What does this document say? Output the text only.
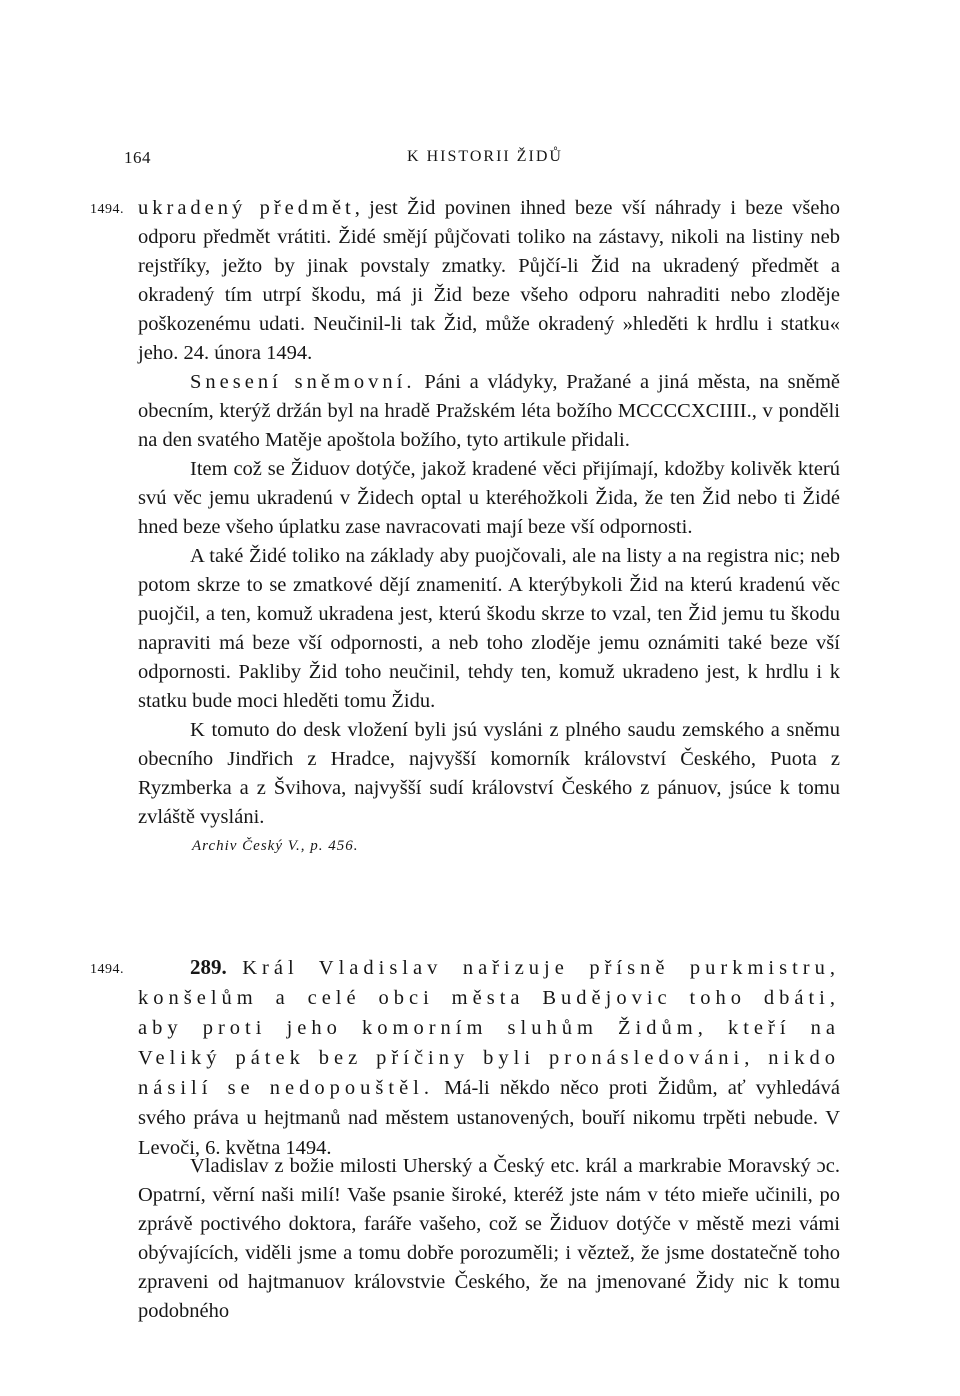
164	K HISTORII ŽIDŮ
1494. ukradený předmět, jest Žid povinen ihned beze vší náhrady i beze všeho odporu předmět vrátiti. Židé smějí půjčovati toliko na zástavy, nikoli na listiny neb rejstříky, ježto by jinak povstaly zmatky. Půjčí-li Žid na ukradený předmět a okradený tím utrpí škodu, má ji Žid beze všeho odporu nahraditi nebo zloděje poškozenému udati. Neučinil-li tak Žid, může okradený »hleděti k hrdlu i statku« jeho. 24. února 1494.

Snesení sněmovní. Páni a vládyky, Pražané a jiná města, na sněmě obecním, kterýž držán byl na hradě Pražském léta božího MCCCCXCIIII., v ponděli na den svatého Matěje apoštola božího, tyto artikule přidali.

Item což se Židuov dotýče, jakož kradené věci přijímají, kdožby kolivěk kterú svú věc jemu ukradenú v Židech optal u kteréhožkoli Žida, že ten Žid nebo ti Židé hned beze všeho úplatku zase navracovati mají beze vší odpornosti.

A také Židé toliko na základy aby puojčovali, ale na listy a na registra nic; neb potom skrze to se zmatkové dějí znamenití. A kterýbykoli Žid na kterú kradenú věc puojčil, a ten, komuž ukradena jest, kterú škodu skrze to vzal, ten Žid jemu tu škodu napraviti má beze vší odpornosti, a neb toho zloděje jemu oznámiti také beze vší odpornosti. Pakliby Žid toho neučinil, tehdy ten, komuž ukradeno jest, k hrdlu i k statku bude moci hleděti tomu Židu.

K tomuto do desk vložení byli jsú vysláni z plného saudu zemského a sněmu obecního Jindřich z Hradce, najvyšší komorník království Českého, Puota z Ryzmberka a z Švihova, najvyšší sudí království Českého z pánuov, jsúce k tomu zvláště vysláni.

Archiv Český V., p. 456.

1494.	289. Král Vladislav nařizuje přísně purkmistru, konšelům a celé obci města Budějovic toho dbáti, aby proti jeho komorním sluhům Židům, kteří na Veliký pátek bez příčiny byli pronásledováni, nikdo násilí se nedopouštěl. Má-li někdo něco proti Židům, ať vyhledává svého práva u hejtmanů nad městem ustanovených, bouří nikomu trpěti nebude. V Levoči, 6. května 1494.

Vladislav z božie milosti Uherský a Český etc. král a markrabie Moravský ɔc. Opatrní, věrní naši milí! Vaše psanie široké, kteréž jste nám v této mieře učinili, po zprávě poctivého doktora, faráře vašeho, což se Židuov dotýče v městě mezi vámi obývajících, viděli jsme a tomu dobře porozuměli; i věztež, že jsme dostatečně toho zpraveni od hajtmanuov královstvie Českého, že na jmenované Židy nic k tomu podobného
